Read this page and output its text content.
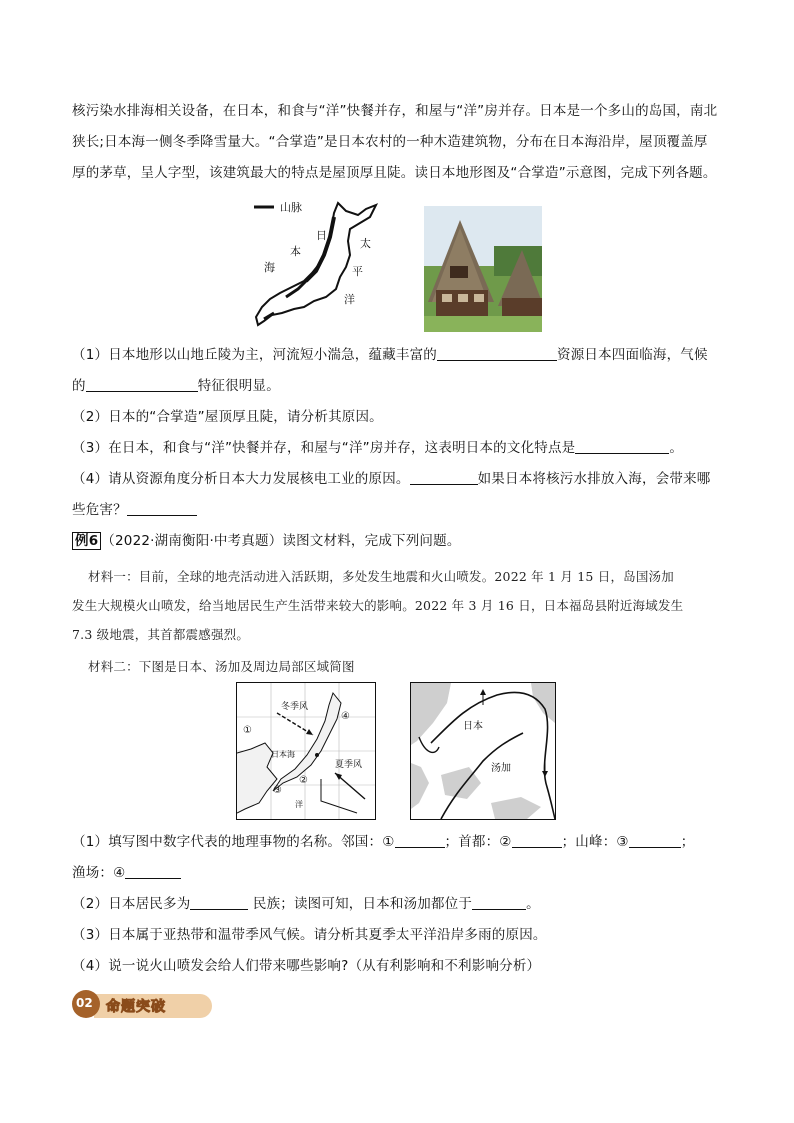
核污染水排海相关设备，在日本，和食与“洋”快餐并存，和屋与“洋”房并存。日本是一个多山的岛国，南北
狭长;日本海一侧冬季降雪量大。“合掌造”是日本农村的一种木造建筑物，分布在日本海沿岸，屋顶覆盖厚
厚的茅草，呈人字型，该建筑最大的特点是屋顶厚且陡。读日本地形图及“合掌造”示意图，完成下列各题。
山脉
日
本
海
太
平
洋
（1）日本地形以山地丘陵为主，河流短小湍急，蕴藏丰富的	资源日本四面临海，气候
的	特征很明显。
（2）日本的“合掌造”屋顶厚且陡，请分析其原因。
（3）在日本，和食与“洋”快餐并存，和屋与“洋”房并存，这表明日本的文化特点是	。
（4）请从资源角度分析日本大力发展核电工业的原因。	如果日本将核污水排放入海，会带来哪
些危害？
例6 （2022·湖南衡阳·中考真题）读图文材料，完成下列问题。
材料一：目前，全球的地壳活动进入活跃期，多处发生地震和火山喷发。2022 年 1 月 15 日，岛国汤加
发生大规模火山喷发，给当地居民生产生活带来较大的影响。2022 年 3 月 16 日，日本福岛县附近海域发生
7.3 级地震，其首都震感强烈。
材料二：下图是日本、汤加及周边局部区域简图
①
②
③
④
冬季风
夏季风
日本海
洋
日本
汤加
（1）填写图中数字代表的地理事物的名称。邻国：①	；首都：②	；山峰：③	；
渔场：④
（2）日本居民多为	民族；读图可知，日本和汤加都位于	。
（3）日本属于亚热带和温带季风气候。请分析其夏季太平洋沿岸多雨的原因。
（4）说一说火山喷发会给人们带来哪些影响?（从有利影响和不利影响分析）
02 命题突破
